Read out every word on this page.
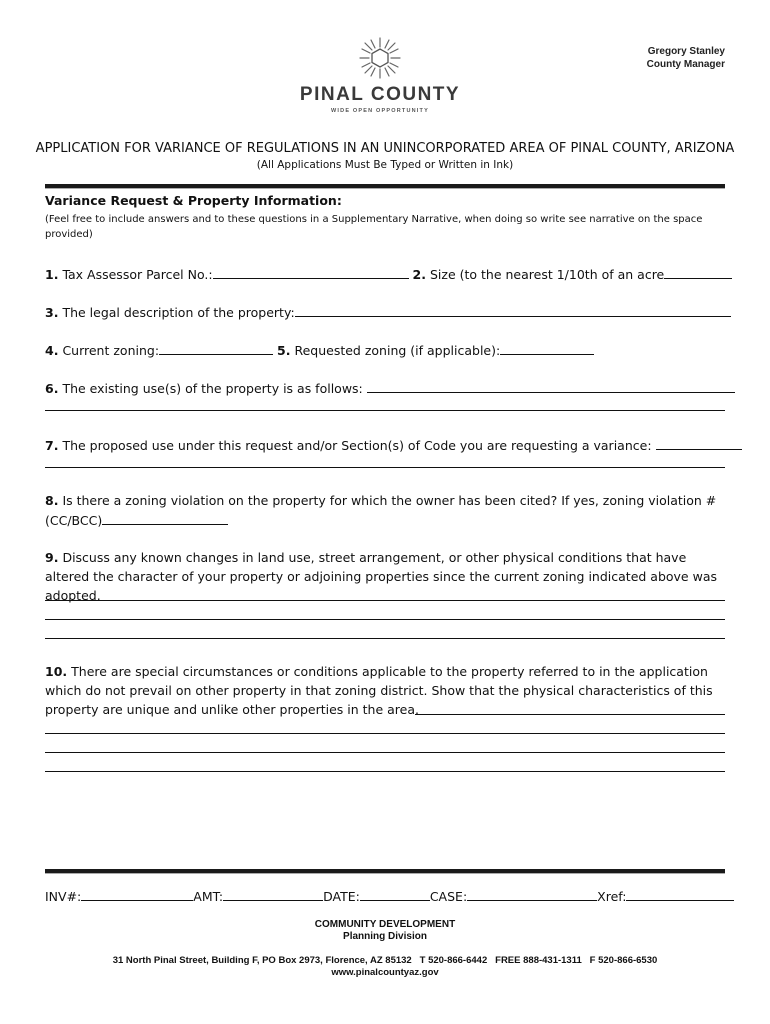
Gregory Stanley
County Manager
PINAL COUNTY
WIDE OPEN OPPORTUNITY
APPLICATION FOR VARIANCE OF REGULATIONS IN AN UNINCORPORATED AREA OF PINAL COUNTY, ARIZONA
(All Applications Must Be Typed or Written in Ink)
Variance Request & Property Information:
(Feel free to include answers and to these questions in a Supplementary Narrative, when doing so write see narrative on the space provided)
1. Tax Assessor Parcel No.:	2. Size (to the nearest 1/10th of an acre
3. The legal description of the property:
4. Current zoning:	5. Requested zoning (if applicable):
6. The existing use(s) of the property is as follows:
7. The proposed use under this request and/or Section(s) of Code you are requesting a variance:
8. Is there a zoning violation on the property for which the owner has been cited? If yes, zoning violation #
(CC/BCC)
9. Discuss any known changes in land use, street arrangement, or other physical conditions that have altered the character of your property or adjoining properties since the current zoning indicated above was adopted.
10. There are special circumstances or conditions applicable to the property referred to in the application which do not prevail on other property in that zoning district. Show that the physical characteristics of this property are unique and unlike other properties in the area.
INV#:	AMT:	DATE:	CASE:	Xref:
COMMUNITY DEVELOPMENT
Planning Division
31 North Pinal Street, Building F, PO Box 2973, Florence, AZ 85132   T 520-866-6442   FREE 888-431-1311   F 520-866-6530
www.pinalcountyaz.gov
